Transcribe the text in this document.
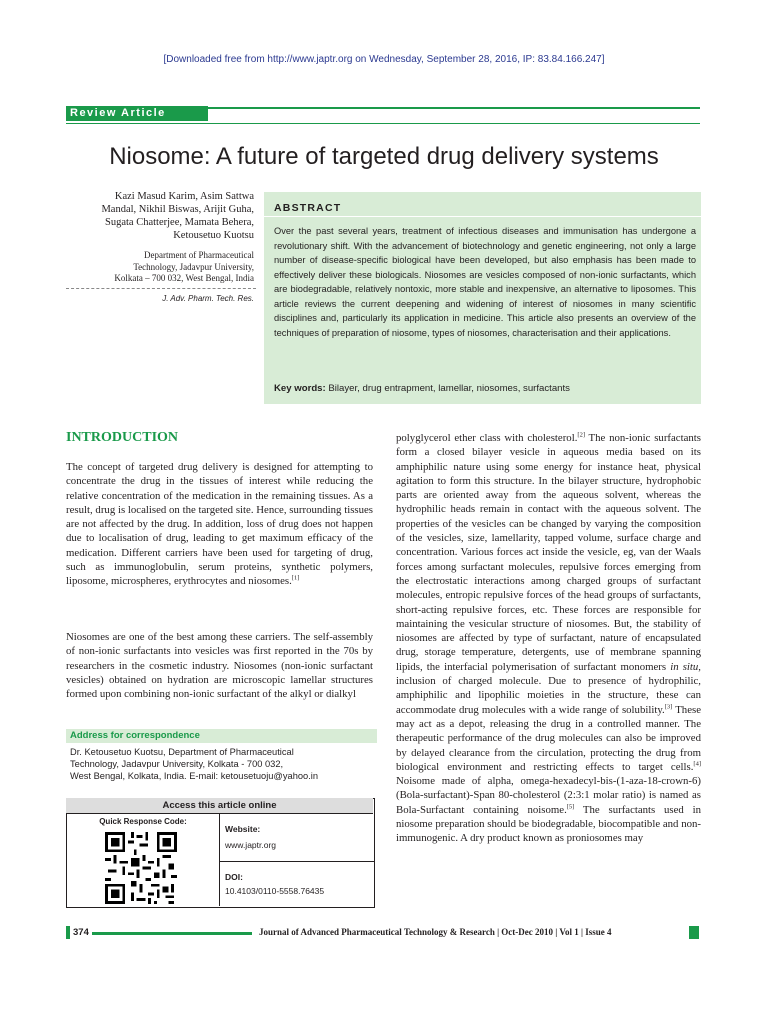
[Downloaded free from http://www.japtr.org on Wednesday, September 28, 2016, IP: 83.84.166.247]
Review Article
Niosome: A future of targeted drug delivery systems
Kazi Masud Karim, Asim Sattwa
Mandal, Nikhil Biswas, Arijit Guha,
Sugata Chatterjee, Mamata Behera,
Ketousetuo Kuotsu
Department of Pharmaceutical
Technology, Jadavpur University,
Kolkata – 700 032, West Bengal, India
J. Adv. Pharm. Tech. Res.
ABSTRACT
Over the past several years, treatment of infectious diseases and immunisation has undergone a revolutionary shift. With the advancement of biotechnology and genetic engineering, not only a large number of disease-specific biological have been developed, but also emphasis has been made to effectively deliver these biologicals. Niosomes are vesicles composed of non-ionic surfactants, which are biodegradable, relatively nontoxic, more stable and inexpensive, an alternative to liposomes. This article reviews the current deepening and widening of interest of niosomes in many scientific disciplines and, particularly its application in medicine. This article also presents an overview of the techniques of preparation of niosome, types of niosomes, characterisation and their applications.
Key words: Bilayer, drug entrapment, lamellar, niosomes, surfactants
INTRODUCTION
The concept of targeted drug delivery is designed for attempting to concentrate the drug in the tissues of interest while reducing the relative concentration of the medication in the remaining tissues. As a result, drug is localised on the targeted site. Hence, surrounding tissues are not affected by the drug. In addition, loss of drug does not happen due to localisation of drug, leading to get maximum efficacy of the medication. Different carriers have been used for targeting of drug, such as immunoglobulin, serum proteins, synthetic polymers, liposome, microspheres, erythrocytes and niosomes.[1]
Niosomes are one of the best among these carriers. The self-assembly of non-ionic surfactants into vesicles was first reported in the 70s by researchers in the cosmetic industry. Niosomes (non-ionic surfactant vesicles) obtained on hydration are microscopic lamellar structures formed upon combining non-ionic surfactant of the alkyl or dialkyl
polyglycerol ether class with cholesterol.[2] The non-ionic surfactants form a closed bilayer vesicle in aqueous media based on its amphiphilic nature using some energy for instance heat, physical agitation to form this structure. In the bilayer structure, hydrophobic parts are oriented away from the aqueous solvent, whereas the hydrophilic heads remain in contact with the aqueous solvent. The properties of the vesicles can be changed by varying the composition of the vesicles, size, lamellarity, tapped volume, surface charge and concentration. Various forces act inside the vesicle, eg, van der Waals forces among surfactant molecules, repulsive forces emerging from the electrostatic interactions among charged groups of surfactant molecules, entropic repulsive forces of the head groups of surfactants, short-acting repulsive forces, etc. These forces are responsible for maintaining the vesicular structure of niosomes. But, the stability of niosomes are affected by type of surfactant, nature of encapsulated drug, storage temperature, detergents, use of membrane spanning lipids, the interfacial polymerisation of surfactant monomers in situ, inclusion of charged molecule. Due to presence of hydrophilic, amphiphilic and lipophilic moieties in the structure, these can accommodate drug molecules with a wide range of solubility.[3] These may act as a depot, releasing the drug in a controlled manner. The therapeutic performance of the drug molecules can also be improved by delayed clearance from the circulation, protecting the drug from biological environment and restricting effects to target cells.[4] Noisome made of alpha, omega-hexadecyl-bis-(1-aza-18-crown-6) (Bola-surfactant)-Span 80-cholesterol (2:3:1 molar ratio) is named as Bola-Surfactant containing noisome.[5] The surfactants used in niosome preparation should be biodegradable, biocompatible and non-immunogenic. A dry product known as proniosomes may
Address for correspondence
Dr. Ketousetuo Kuotsu, Department of Pharmaceutical
Technology, Jadavpur University, Kolkata - 700 032,
West Bengal, Kolkata, India. E-mail: ketousetuoju@yahoo.in
Access this article online
Quick Response Code:
Website:
www.japtr.org
DOI:
10.4103/0110-5558.76435
374	Journal of Advanced Pharmaceutical Technology & Research | Oct-Dec 2010 | Vol 1 | Issue 4
